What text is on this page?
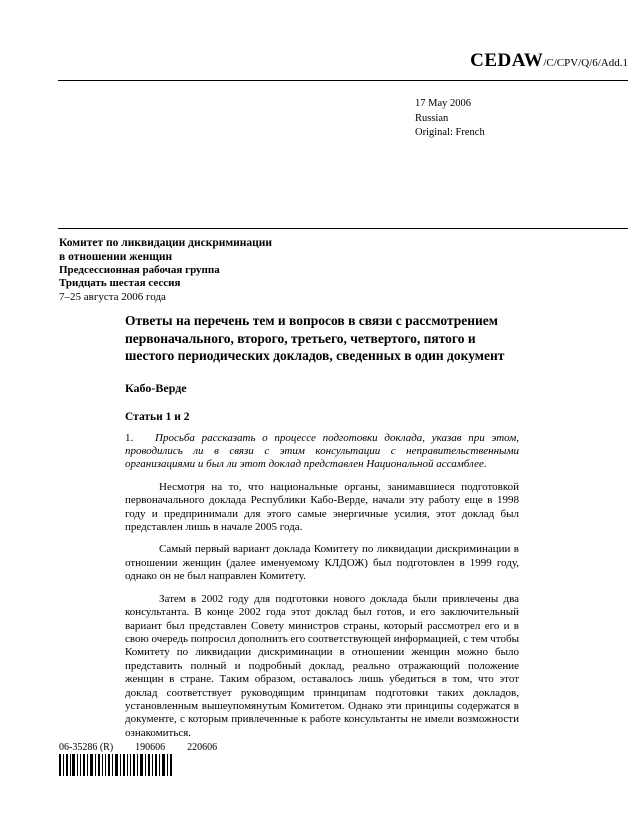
CEDAW/C/CPV/Q/6/Add.1
17 May 2006
Russian
Original: French
Комитет по ликвидации дискриминации
в отношении женщин
Предсессионная рабочая группа
Тридцать шестая сессия
7–25 августа 2006 года
Ответы на перечень тем и вопросов в связи с рассмотрением первоначального, второго, третьего, четвертого, пятого и шестого периодических докладов, сведенных в один документ
Кабо-Верде
Статьи 1 и 2

1. Просьба рассказать о процессе подготовки доклада, указав при этом, проводились ли в связи с этим консультации с неправительственными организациями и был ли этот доклад представлен Национальной ассамблее.

Несмотря на то, что национальные органы, занимавшиеся подготовкой первоначального доклада Республики Кабо-Верде, начали эту работу еще в 1998 году и предпринимали для этого самые энергичные усилия, этот доклад был представлен лишь в начале 2005 года.

Самый первый вариант доклада Комитету по ликвидации дискриминации в отношении женщин (далее именуемому КЛДОЖ) был подготовлен в 1999 году, однако он не был направлен Комитету.

Затем в 2002 году для подготовки нового доклада были привлечены два консультанта. В конце 2002 года этот доклад был готов, и его заключительный вариант был представлен Совету министров страны, который рассмотрел его и в свою очередь попросил дополнить его соответствующей информацией, с тем чтобы Комитету по ликвидации дискриминации в отношении женщин можно было представить полный и подробный доклад, реально отражающий положение женщин в стране. Таким образом, оставалось лишь убедиться в том, что этот доклад соответствует руководящим принципам подготовки таких докладов, установленным вышеупомянутым Комитетом. Однако эти принципы содержатся в документе, с которым привлеченные к работе консультанты не имели возможности ознакомиться.

06-35286 (R) 190606 220606
